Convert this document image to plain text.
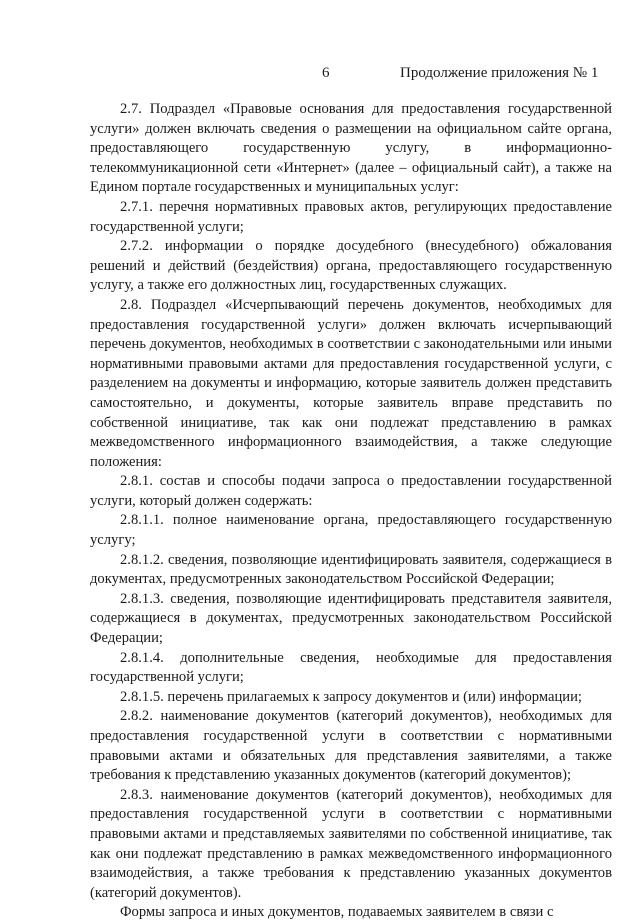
6	Продолжение приложения № 1

2.7. Подраздел «Правовые основания для предоставления государственной услуги» должен включать сведения о размещении на официальном сайте органа, предоставляющего государственную услугу, в информационно-телекоммуникационной сети «Интернет» (далее – официальный сайт), а также на Едином портале государственных и муниципальных услуг:

2.7.1. перечня нормативных правовых актов, регулирующих предоставление государственной услуги;

2.7.2. информации о порядке досудебного (внесудебного) обжалования решений и действий (бездействия) органа, предоставляющего государственную услугу, а также его должностных лиц, государственных служащих.

2.8. Подраздел «Исчерпывающий перечень документов, необходимых для предоставления государственной услуги» должен включать исчерпывающий перечень документов, необходимых в соответствии с законодательными или иными нормативными правовыми актами для предоставления государственной услуги, с разделением на документы и информацию, которые заявитель должен представить самостоятельно, и документы, которые заявитель вправе представить по собственной инициативе, так как они подлежат представлению в рамках межведомственного информационного взаимодействия, а также следующие положения:

2.8.1. состав и способы подачи запроса о предоставлении государственной услуги, который должен содержать:

2.8.1.1. полное наименование органа, предоставляющего государственную услугу;

2.8.1.2. сведения, позволяющие идентифицировать заявителя, содержащиеся в документах, предусмотренных законодательством Российской Федерации;

2.8.1.3. сведения, позволяющие идентифицировать представителя заявителя, содержащиеся в документах, предусмотренных законодательством Российской Федерации;

2.8.1.4. дополнительные сведения, необходимые для предоставления государственной услуги;

2.8.1.5. перечень прилагаемых к запросу документов и (или) информации;

2.8.2. наименование документов (категорий документов), необходимых для предоставления государственной услуги в соответствии с нормативными правовыми актами и обязательных для представления заявителями, а также требования к представлению указанных документов (категорий документов);

2.8.3. наименование документов (категорий документов), необходимых для предоставления государственной услуги в соответствии с нормативными правовыми актами и представляемых заявителями по собственной инициативе, так как они подлежат представлению в рамках межведомственного информационного взаимодействия, а также требования к представлению указанных документов (категорий документов).

Формы запроса и иных документов, подаваемых заявителем в связи с
